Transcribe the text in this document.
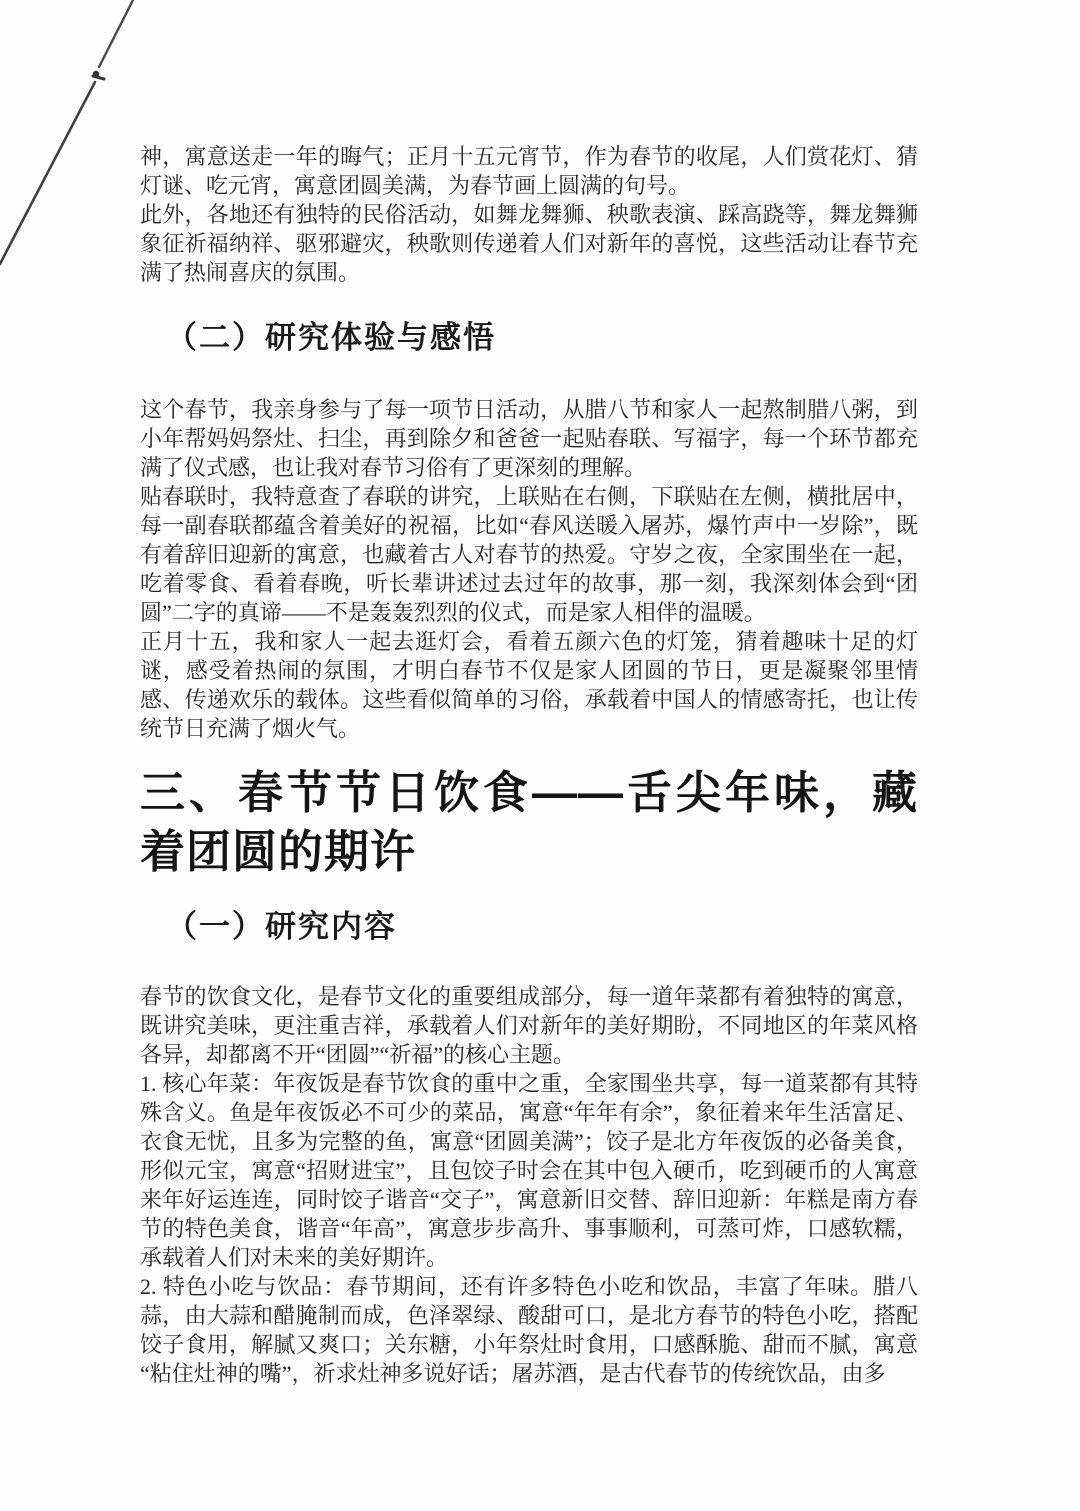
神，寓意送走一年的晦气；正月十五元宵节，作为春节的收尾，人们赏花灯、猜灯谜、吃元宵，寓意团圆美满，为春节画上圆满的句号。

此外，各地还有独特的民俗活动，如舞龙舞狮、秧歌表演、踩高跷等，舞龙舞狮象征祈福纳祥、驱邪避灾，秧歌则传递着人们对新年的喜悦，这些活动让春节充满了热闹喜庆的氛围。

（二）研究体验与感悟

这个春节，我亲身参与了每一项节日活动，从腊八节和家人一起熬制腊八粥，到小年帮妈妈祭灶、扫尘，再到除夕和爸爸一起贴春联、写福字，每一个环节都充满了仪式感，也让我对春节习俗有了更深刻的理解。

贴春联时，我特意查了春联的讲究，上联贴在右侧，下联贴在左侧，横批居中，每一副春联都蕴含着美好的祝福，比如“春风送暖入屠苏，爆竹声中一岁除”，既有着辞旧迎新的寓意，也藏着古人对春节的热爱。守岁之夜，全家围坐在一起，吃着零食、看着春晚，听长辈讲述过去过年的故事，那一刻，我深刻体会到“团圆”二字的真谛——不是轰轰烈烈的仪式，而是家人相伴的温暖。

正月十五，我和家人一起去逛灯会，看着五颜六色的灯笼，猜着趣味十足的灯谜，感受着热闹的氛围，才明白春节不仅是家人团圆的节日，更是凝聚邻里情感、传递欢乐的载体。这些看似简单的习俗，承载着中国人的情感寄托，也让传统节日充满了烟火气。

三、春节节日饮食——舌尖年味，藏着团圆的期许
（一）研究内容

春节的饮食文化，是春节文化的重要组成部分，每一道年菜都有着独特的寓意，既讲究美味，更注重吉祥，承载着人们对新年的美好期盼，不同地区的年菜风格各异，却都离不开“团圆”“祈福”的核心主题。

1. 核心年菜：年夜饭是春节饮食的重中之重，全家围坐共享，每一道菜都有其特殊含义。鱼是年夜饭必不可少的菜品，寓意“年年有余”，象征着来年生活富足、衣食无忧，且多为完整的鱼，寓意“团圆美满”；饺子是北方年夜饭的必备美食，形似元宝，寓意“招财进宝”，且包饺子时会在其中包入硬币，吃到硬币的人寓意来年好运连连，同时饺子谐音“交子”，寓意新旧交替、辞旧迎新：年糕是南方春节的特色美食，谐音“年高”，寓意步步高升、事事顺利，可蒸可炸，口感软糯，承载着人们对未来的美好期许。

2. 特色小吃与饮品：春节期间，还有许多特色小吃和饮品，丰富了年味。腊八蒜，由大蒜和醋腌制而成，色泽翠绿、酸甜可口，是北方春节的特色小吃，搭配饺子食用，解腻又爽口；关东糖，小年祭灶时食用，口感酥脆、甜而不腻，寓意“粘住灶神的嘴”，祈求灶神多说好话；屠苏酒，是古代春节的传统饮品，由多
